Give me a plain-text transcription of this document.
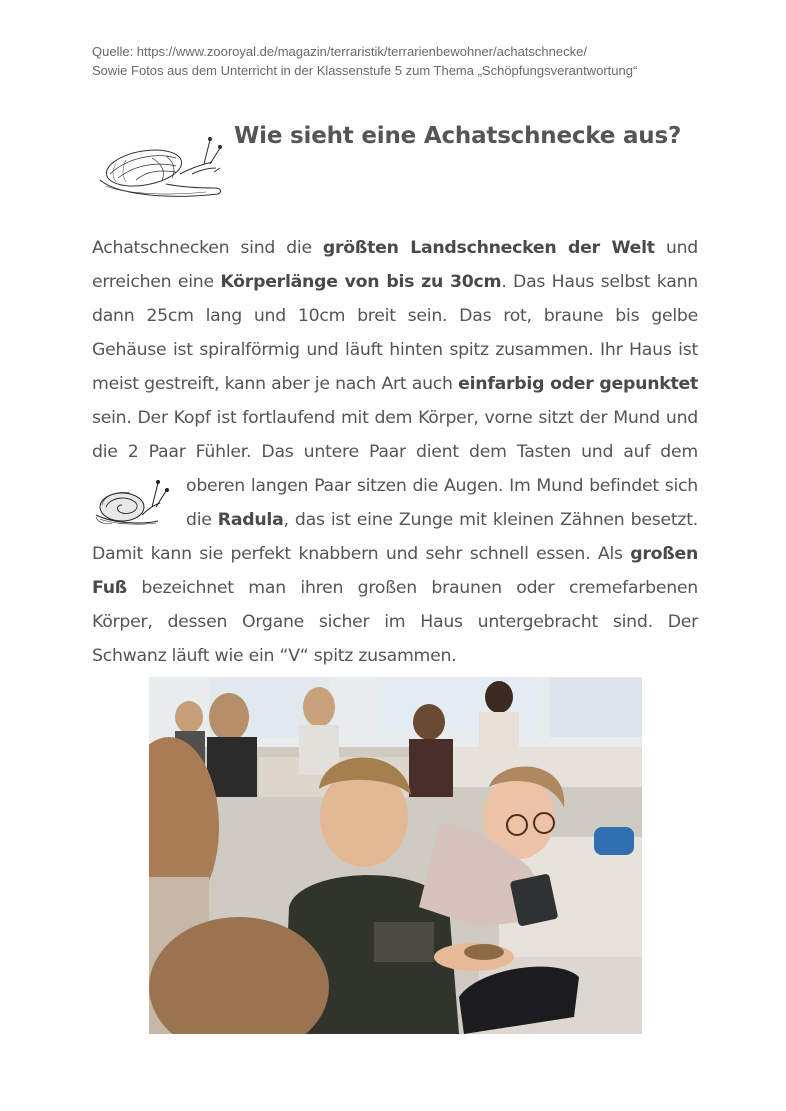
Quelle: https://www.zooroyal.de/magazin/terraristik/terrarienbewohner/achatschnecke/
Sowie Fotos aus dem Unterricht in der Klassenstufe 5 zum Thema „Schöpfungsverantwortung“
Wie sieht eine Achatschnecke aus?

Achatschnecken sind die größten Landschnecken der Welt und erreichen eine Körperlänge von bis zu 30cm. Das Haus selbst kann dann 25cm lang und 10cm breit sein. Das rot, braune bis gelbe Gehäuse ist spiralförmig und läuft hinten spitz zusammen. Ihr Haus ist meist gestreift, kann aber je nach Art auch einfarbig oder gepunktet sein. Der Kopf ist fortlaufend mit dem Körper, vorne sitzt der Mund und die 2 Paar Fühler. Das untere Paar dient dem Tasten und auf dem oberen
langen Paar sitzen die Augen. Im Mund befindet sich die Radula, das ist eine Zunge mit kleinen Zähnen besetzt. Damit kann sie perfekt knabbern und sehr schnell essen. Als großen Fuß bezeichnet man ihren großen braunen oder cremefarbenen Körper, dessen Organe sicher im Haus untergebracht sind. Der Schwanz läuft wie ein “V“ spitz zusammen.
